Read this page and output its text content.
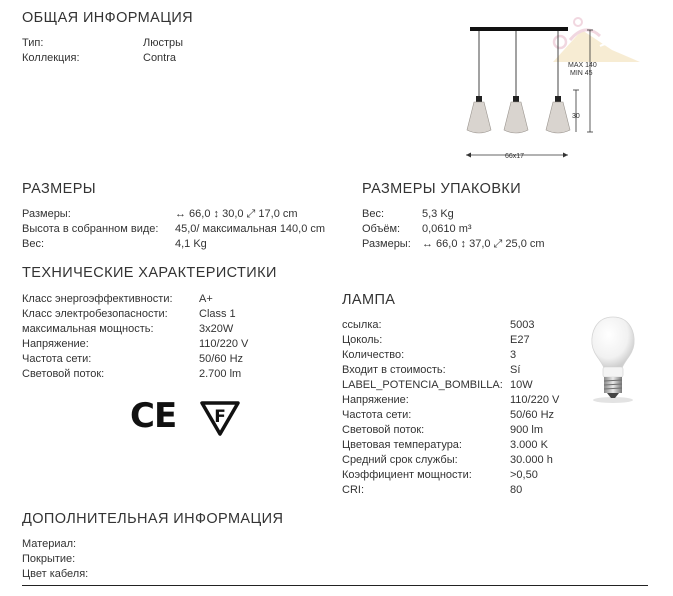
ОБЩАЯ ИНФОРМАЦИЯ
Тип:	Люстры
Коллекция:	Contra
MAX 140
MIN 45
30
66x17
РАЗМЕРЫ
Размеры:	↔ 66,0 ↕ 30,0 ⤢ 17,0 cm
Высота в собранном виде: 45,0/ максимальная 140,0 cm
Вес:	4,1 Kg
РАЗМЕРЫ УПАКОВКИ
Вес:	5,3 Kg
Объём: 0,0610 m³
Размеры: ↔ 66,0 ↕ 37,0 ⤢ 25,0 cm
ТЕХНИЧЕСКИЕ ХАРАКТЕРИСТИКИ
Класс энергоэффективности: A+
Класс электробезопасности:	Class 1
максимальная мощность:	3x20W
Напряжение:	110/220 V
Частота сети:	50/60 Hz
Световой поток:	2.700 lm
CE F
ЛАМПА
ссылка:	5003
Цоколь:	E27
Количество:	3
Входит в стоимость:	Sí
LABEL_POTENCIA_BOMBILLA: 10W
Напряжение:	110/220 V
Частота сети:	50/60 Hz
Световой поток:	900 lm
Цветовая температура:	3.000 K
Средний срок службы:	30.000 h
Коэффициент мощности:	>0,50
CRI:	80
ДОПОЛНИТЕЛЬНАЯ ИНФОРМАЦИЯ
Материал:
Покрытие:
Цвет кабеля:
